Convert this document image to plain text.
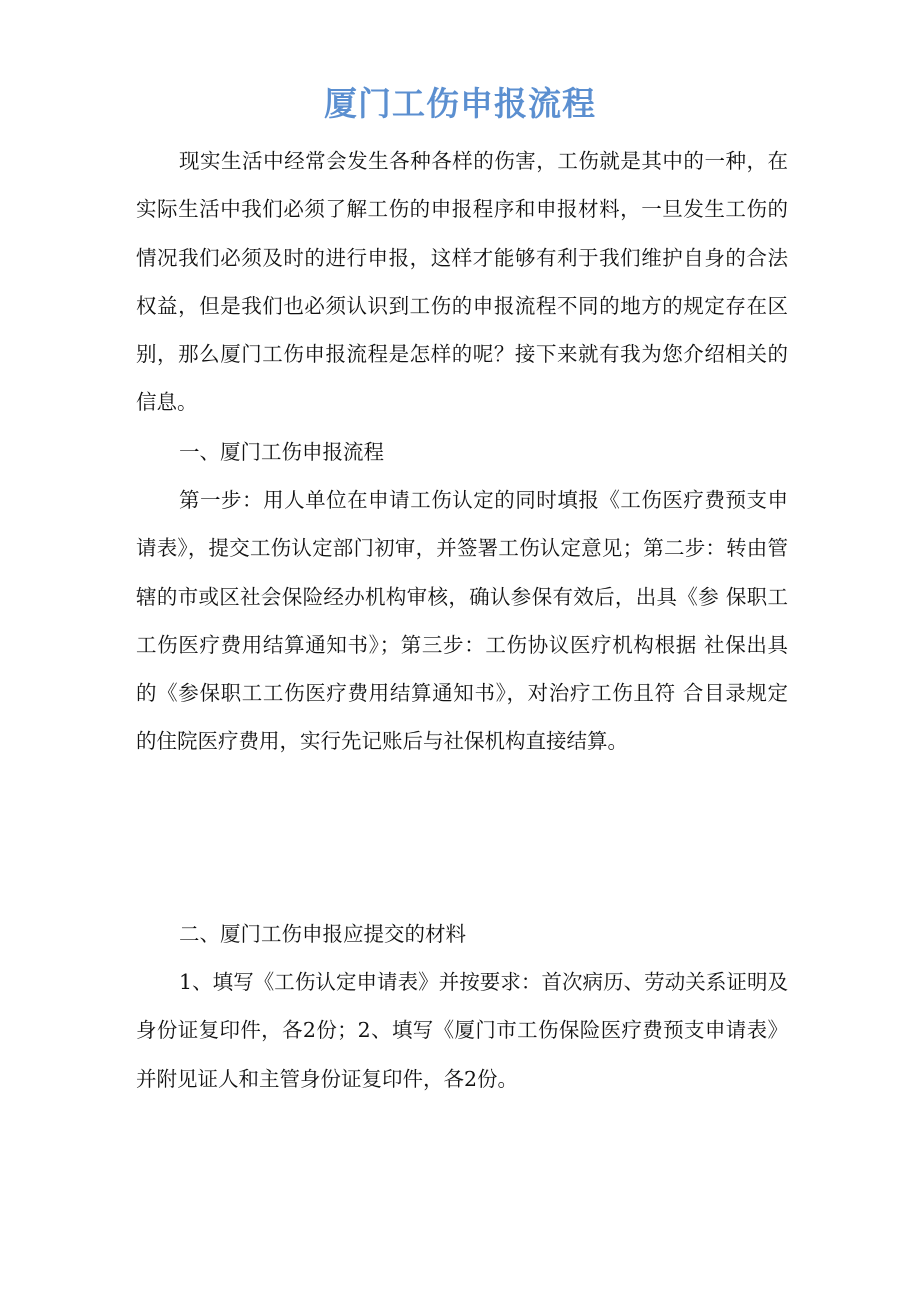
厦门工伤申报流程

现实生活中经常会发生各种各样的伤害，工伤就是其中的一种，在实际生活中我们必须了解工伤的申报程序和申报材料，一旦发生工伤的情况我们必须及时的进行申报，这样才能够有利于我们维护自身的合法权益，但是我们也必须认识到工伤的申报流程不同的地方的规定存在区别，那么厦门工伤申报流程是怎样的呢？接下来就有我为您介绍相关的信息。

一、厦门工伤申报流程

第一步：用人单位在申请工伤认定的同时填报《工伤医疗费预支申请表》，提交工伤认定部门初审，并签署工伤认定意见；第二步：转由管辖的市或区社会保险经办机构审核，确认参保有效后，出具《参 保职工工伤医疗费用结算通知书》；第三步：工伤协议医疗机构根据 社保出具的《参保职工工伤医疗费用结算通知书》，对治疗工伤且符 合目录规定的住院医疗费用，实行先记账后与社保机构直接结算。

二、厦门工伤申报应提交的材料

1、填写《工伤认定申请表》并按要求：首次病历、劳动关系证明及身份证复印件，各2份；2、填写《厦门市工伤保险医疗费预支申请表》并附见证人和主管身份证复印件，各2份。
